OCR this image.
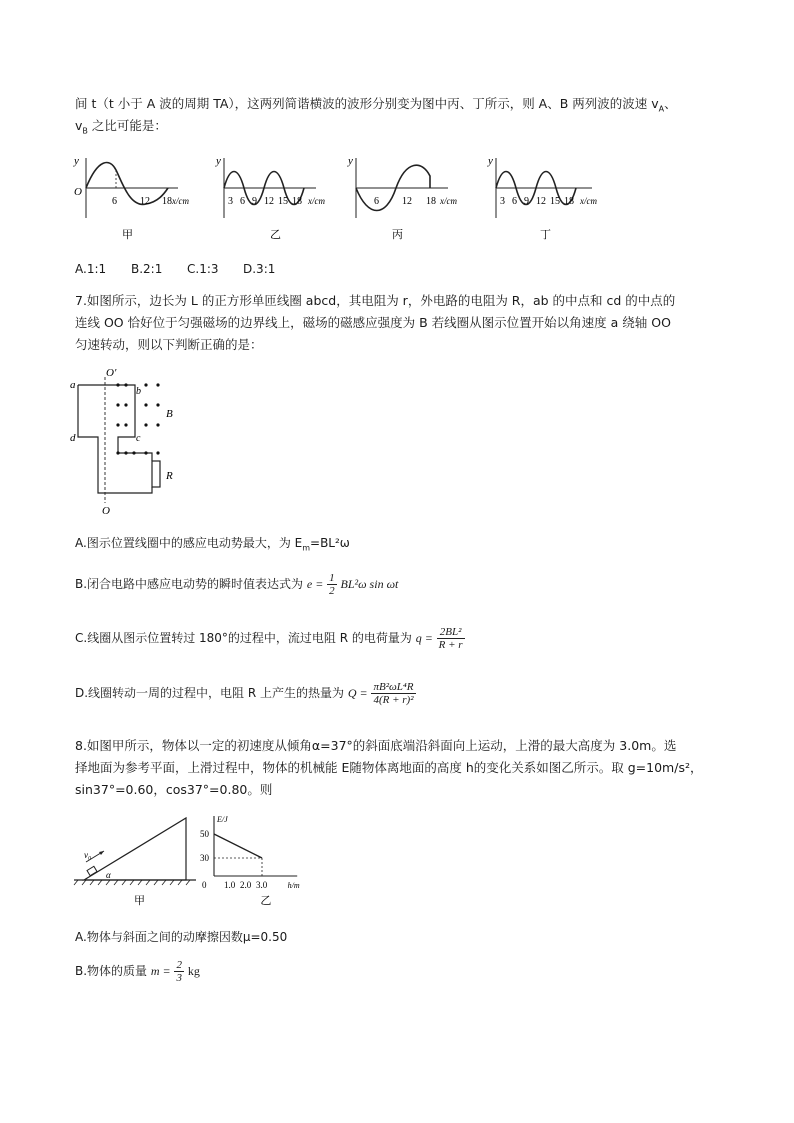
间 t（t 小于 A 波的周期 TA），这两列简谐横波的波形分别变为图中丙、丁所示，则 A、B 两列波的波速 $v_A$、
$v_B$ 之比可能是：
y
O
6 12 18 x/cm
甲
y
3 6 9 12 15 18 x/cm
乙
y
6 12 18 x/cm
丙
y
3 6 9 12 15 18 x/cm
丁
A.1:1 B.2:1 C.1:3 D.3:1
7.如图所示，边长为 L 的正方形单匝线圈 abcd，其电阻为 r，外电路的电阻为 R，ab 的中点和 cd 的中点的
连线 OO 恰好位于匀强磁场的边界线上，磁场的磁感应强度为 B 若线圈从图示位置开始以角速度 a 绕轴 OO
匀速转动，则以下判断正确的是：
a
d
b
c
O′
O
B
R
A.图示位置线圈中的感应电动势最大，为 $E_m=BL^2\omega$
B.闭合电路中感应电动势的瞬时值表达式为 $e = \frac{1}{2} BL^2\omega$ sin ωt
C.线圈从图示位置转过 180°的过程中，流过电阻 R 的电荷量为 $q = \frac{\text{2BL²}}{R + r}$
D.线圈转动一周的过程中，电阻 R 上产生的热量为 $Q = \frac{\text{πB²ωL⁴R}}{\text{4(R + r)²}}$
8.如图甲所示，物体以一定的初速度从倾角α=37°的斜面底端沿斜面向上运动，上滑的最大高度为 3.0m。选
择地面为参考平面，上滑过程中，物体的机械能 E随物体离地面的高度 h的变化关系如图乙所示。取 g=10m/s²，
sin37°=0.60，cos37°=0.80。则
v₀
α
甲
30
50
0 1.0 2.0 3.0
E/J
h/m
乙
A.物体与斜面之间的动摩擦因数μ=0.50
B.物体的质量 $m = \frac{2}{3}$ kg
